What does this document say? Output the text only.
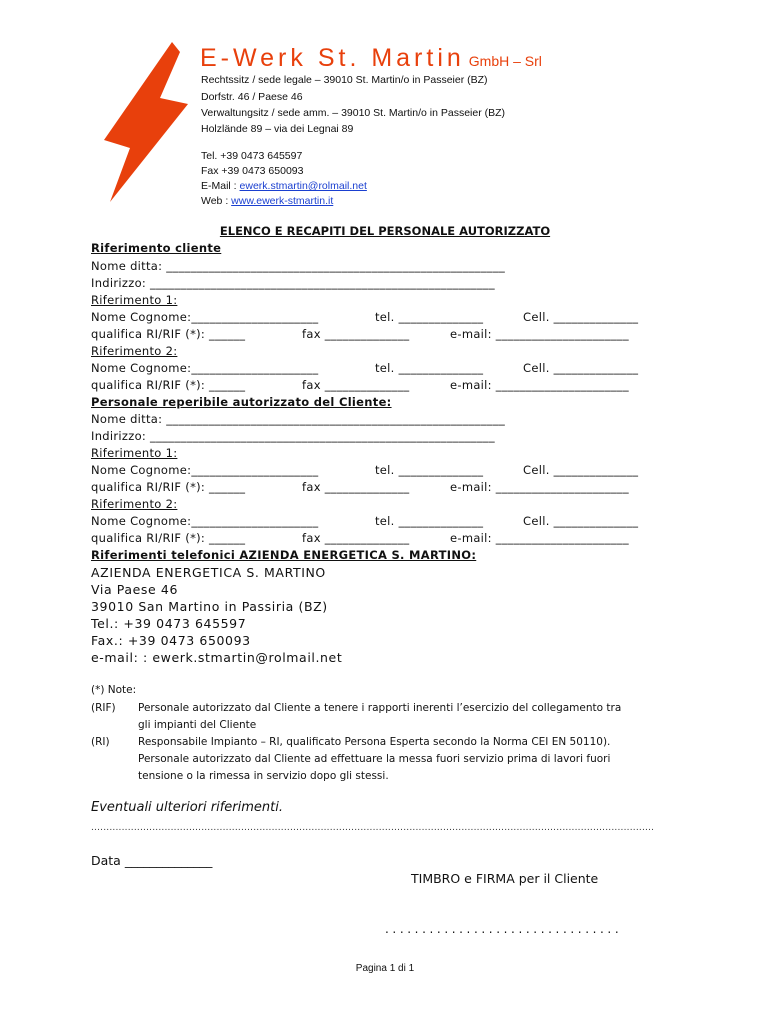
E-Werk St. Martin GmbH – Srl
Rechtssitz / sede legale – 39010 St. Martin/o in Passeier (BZ)
Dorfstr. 46 / Paese 46
Verwaltungsitz / sede amm. – 39010 St. Martin/o in Passeier (BZ)
Holzlände 89 – via dei Legnai 89
Tel. +39 0473 645597
Fax +39 0473 650093
E-Mail : ewerk.stmartin@rolmail.net
Web : www.ewerk-stmartin.it
ELENCO E RECAPITI DEL PERSONALE AUTORIZZATO
Riferimento cliente
Nome ditta: ________________________________________________________
Indirizzo: _________________________________________________________
Riferimento 1:
Nome Cognome:_____________________	tel. ______________	Cell. ______________
qualifica RI/RIF (*): ______	fax ______________	e-mail: ______________________
Riferimento 2:
Nome Cognome:_____________________	tel. ______________	Cell. ______________
qualifica RI/RIF (*): ______	fax ______________	e-mail: ______________________
Personale reperibile autorizzato del Cliente:
Nome ditta: ________________________________________________________
Indirizzo: _________________________________________________________
Riferimento 1:
Nome Cognome:_____________________	tel. ______________	Cell. ______________
qualifica RI/RIF (*): ______	fax ______________	e-mail: ______________________
Riferimento 2:
Nome Cognome:_____________________	tel. ______________	Cell. ______________
qualifica RI/RIF (*): ______	fax ______________	e-mail: ______________________
Riferimenti telefonici AZIENDA ENERGETICA S. MARTINO:
AZIENDA ENERGETICA S. MARTINO
Via Paese 46
39010 San Martino in Passiria (BZ)
Tel.: +39 0473 645597
Fax.: +39 0473 650093
e-mail: : ewerk.stmartin@rolmail.net
(*) Note:
(RIF) Personale autorizzato dal Cliente a tenere i rapporti inerenti l’esercizio del collegamento tra
gli impianti del Cliente
(RI)	Responsabile Impianto – RI, qualificato Persona Esperta secondo la Norma CEI EN 50110).
Personale autorizzato dal Cliente ad effettuare la messa fuori servizio prima di lavori fuori
tensione o la rimessa in servizio dopo gli stessi.
Eventuali ulteriori riferimenti.
........................................................................................................................................................................................
Data ______________
TIMBRO e FIRMA per il Cliente
................................
Pagina 1 di 1
